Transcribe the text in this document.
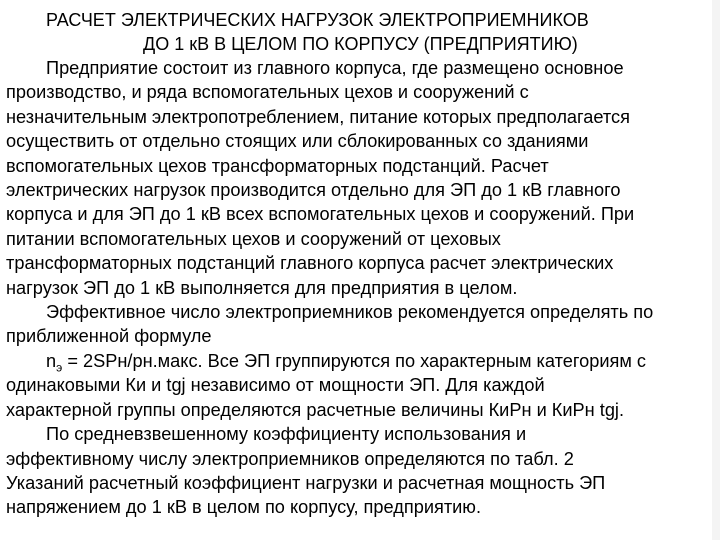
РАСЧЕТ ЭЛЕКТРИЧЕСКИХ НАГРУЗОК ЭЛЕКТРОПРИЕМНИКОВ
ДО 1 кВ В ЦЕЛОМ ПО КОРПУСУ (ПРЕДПРИЯТИЮ)
Предприятие состоит из главного корпуса, где размещено основное
производство, и ряда вспомогательных цехов и сооружений с
незначительным электропотреблением, питание которых предполагается
осуществить от отдельно стоящих или сблокированных со зданиями
вспомогательных цехов трансформаторных подстанций. Расчет
электрических нагрузок производится отдельно для ЭП до 1 кВ главного
корпуса и для ЭП до 1 кВ всех вспомогательных цехов и сооружений. При
питании вспомогательных цехов и сооружений от цеховых
трансформаторных подстанций главного корпуса расчет электрических
нагрузок ЭП до 1 кВ выполняется для предприятия в целом.
Эффективное число электроприемников рекомендуется определять по
приближенной формуле
$n_э$ = 2SPн/рн.макс. Все ЭП группируются по характерным категориям с
одинаковыми Ки и tgj независимо от мощности ЭП. Для каждой
характерной группы определяются расчетные величины КиРн и КиРн tgj.
По средневзвешенному коэффициенту использования и
эффективному числу электроприемников определяются по табл. 2
Указаний расчетный коэффициент нагрузки и расчетная мощность ЭП
напряжением до 1 кВ в целом по корпусу, предприятию.
